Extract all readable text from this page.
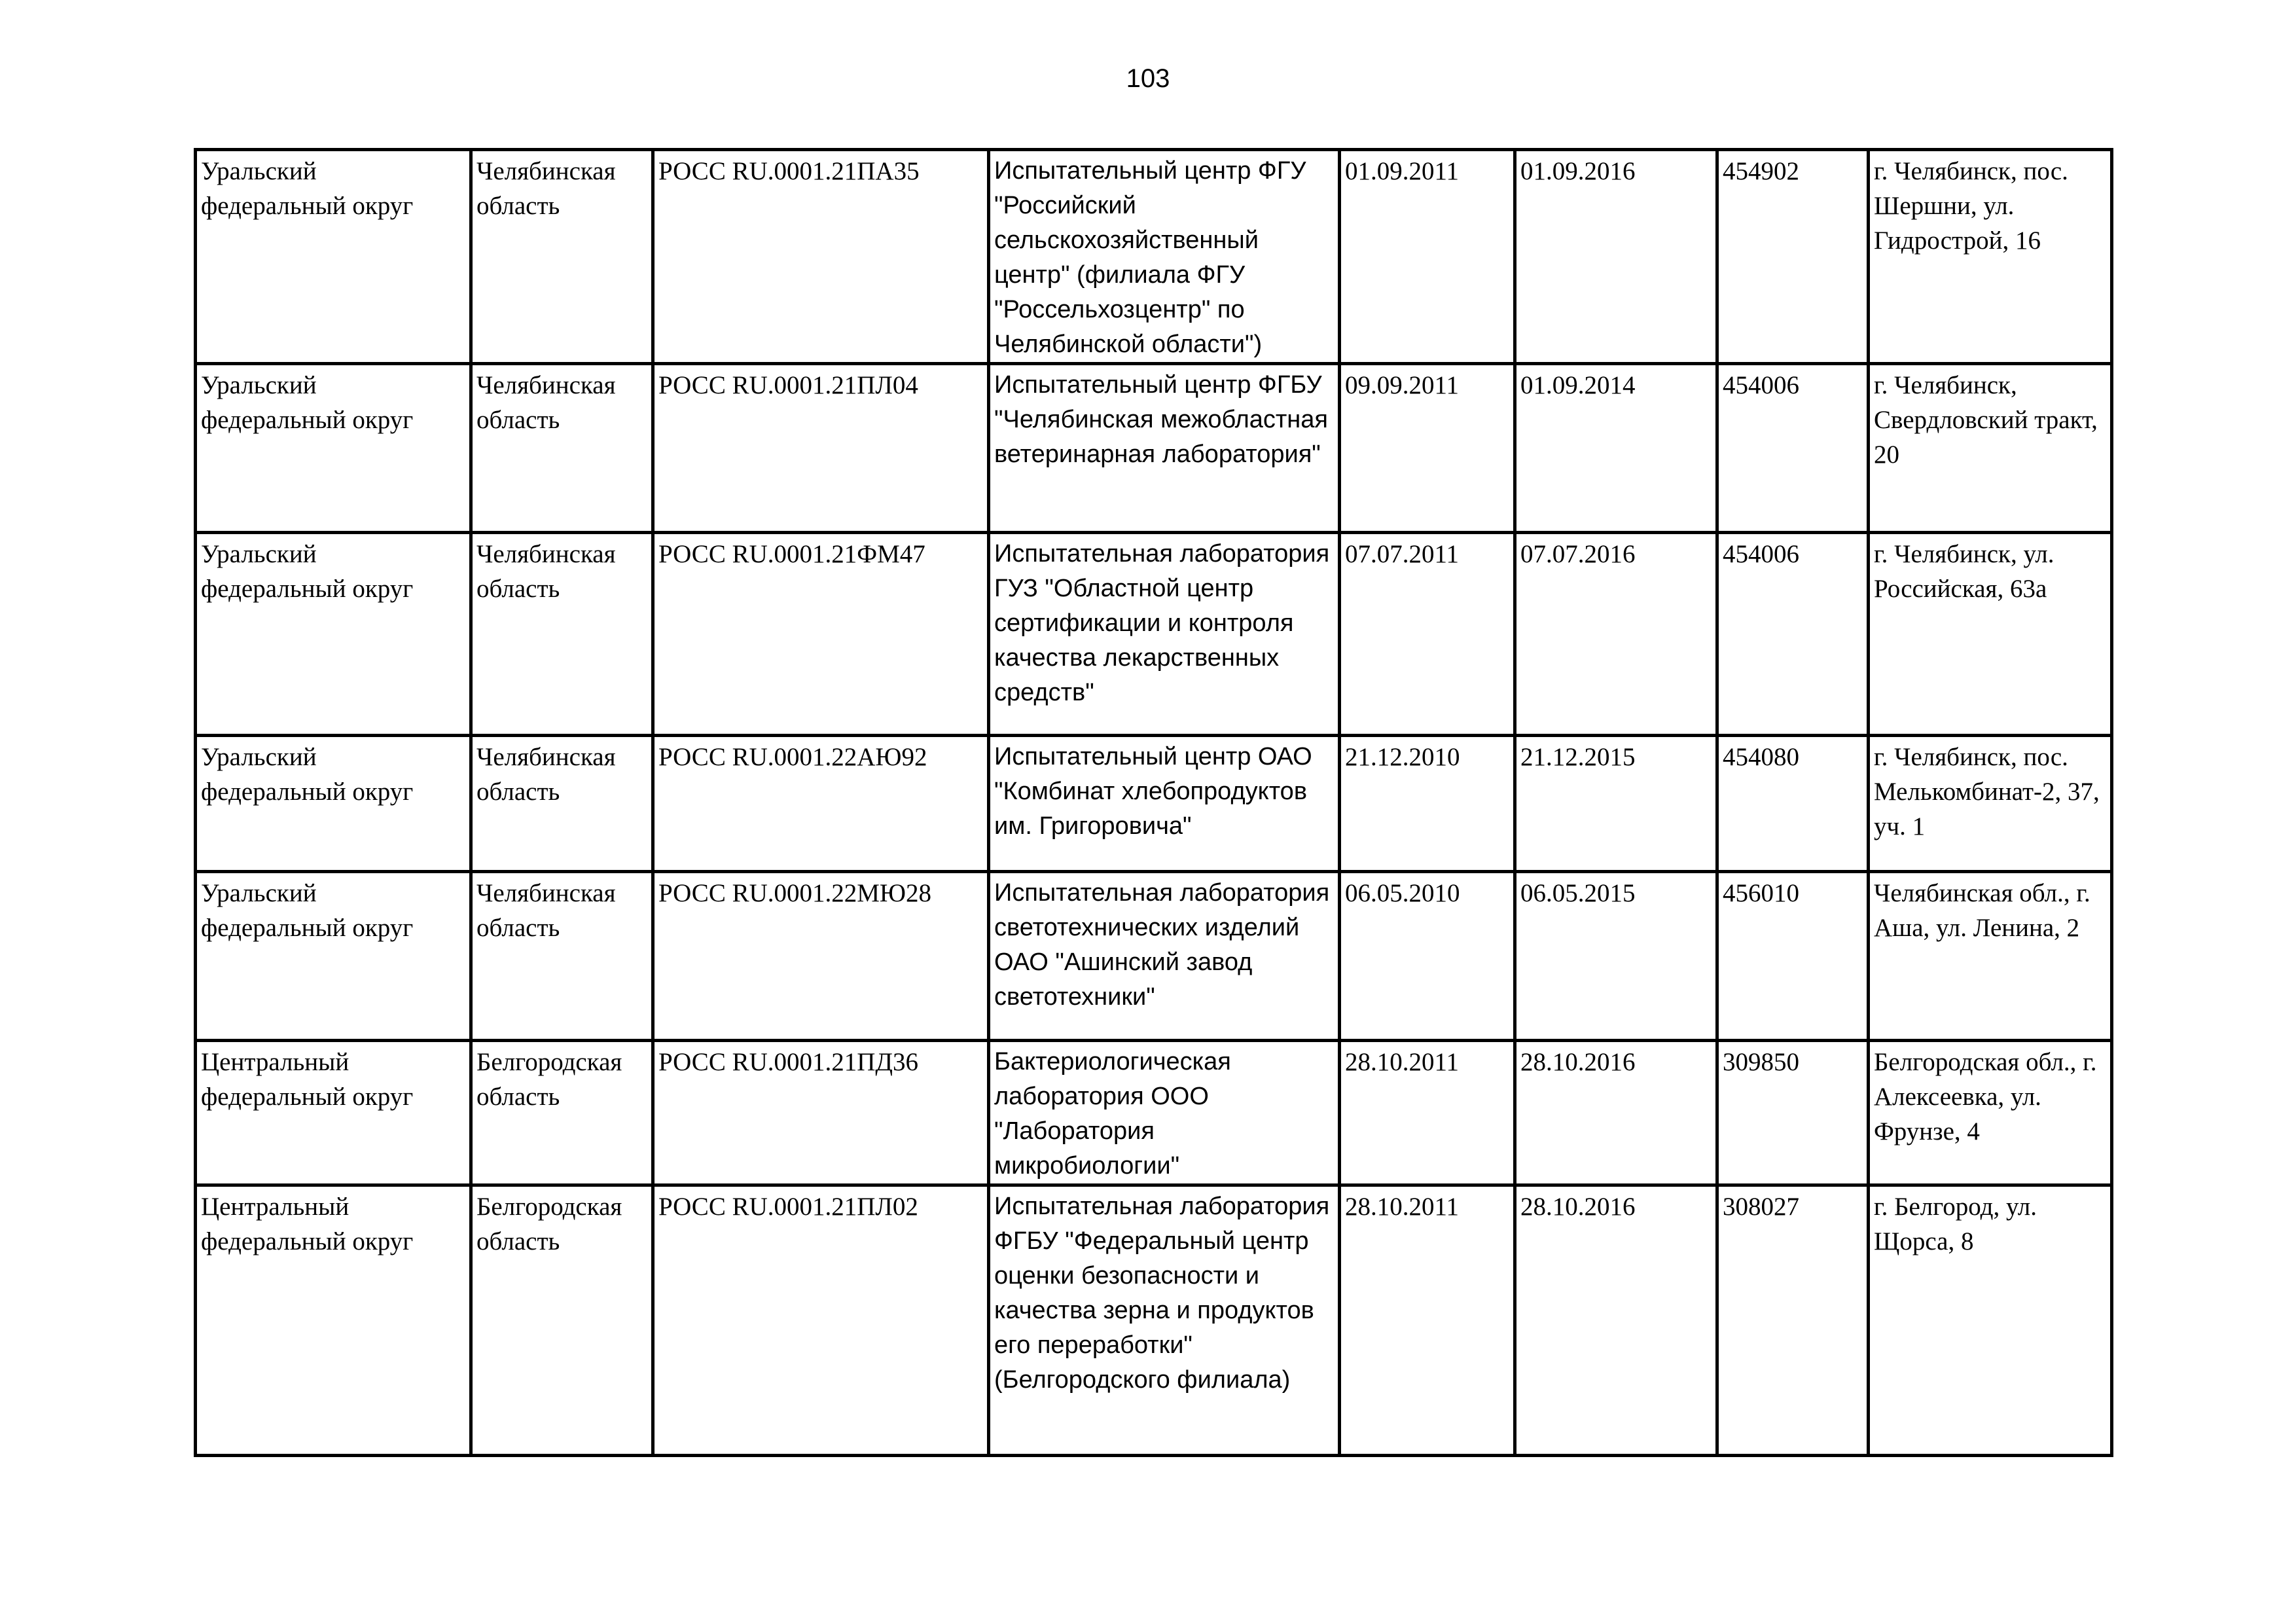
103
Уральский федеральный округ	Челябинская область	РОСС RU.0001.21ПА35	Испытательный центр ФГУ "Российский сельскохозяйственный центр" (филиала ФГУ "Россельхозцентр" по Челябинской области")	01.09.2011	01.09.2016	454902	г. Челябинск, пос. Шершни, ул. Гидрострой, 16
Уральский федеральный округ	Челябинская область	РОСС RU.0001.21ПЛ04	Испытательный центр ФГБУ "Челябинская межобластная ветеринарная лаборатория"	09.09.2011	01.09.2014	454006	г. Челябинск, Свердловский тракт, 20
Уральский федеральный округ	Челябинская область	РОСС RU.0001.21ФМ47	Испытательная лаборатория ГУЗ "Областной центр сертификации и контроля качества лекарственных средств"	07.07.2011	07.07.2016	454006	г. Челябинск, ул. Российская, 63а
Уральский федеральный округ	Челябинская область	РОСС RU.0001.22АЮ92	Испытательный центр ОАО "Комбинат хлебопродуктов им. Григоровича"	21.12.2010	21.12.2015	454080	г. Челябинск, пос. Мелькомбинат-2, 37, уч. 1
Уральский федеральный округ	Челябинская область	РОСС RU.0001.22МЮ28	Испытательная лаборатория светотехнических изделий ОАО "Ашинский завод светотехники"	06.05.2010	06.05.2015	456010	Челябинская обл., г. Аша, ул. Ленина, 2
Центральный федеральный округ	Белгородская область	РОСС RU.0001.21ПД36	Бактериологическая лаборатория ООО "Лаборатория микробиологии"	28.10.2011	28.10.2016	309850	Белгородская обл., г. Алексеевка, ул. Фрунзе, 4
Центральный федеральный округ	Белгородская область	РОСС RU.0001.21ПЛ02	Испытательная лаборатория ФГБУ "Федеральный центр оценки безопасности и качества зерна и продуктов его переработки" (Белгородского филиала)	28.10.2011	28.10.2016	308027	г. Белгород, ул. Щорса, 8
